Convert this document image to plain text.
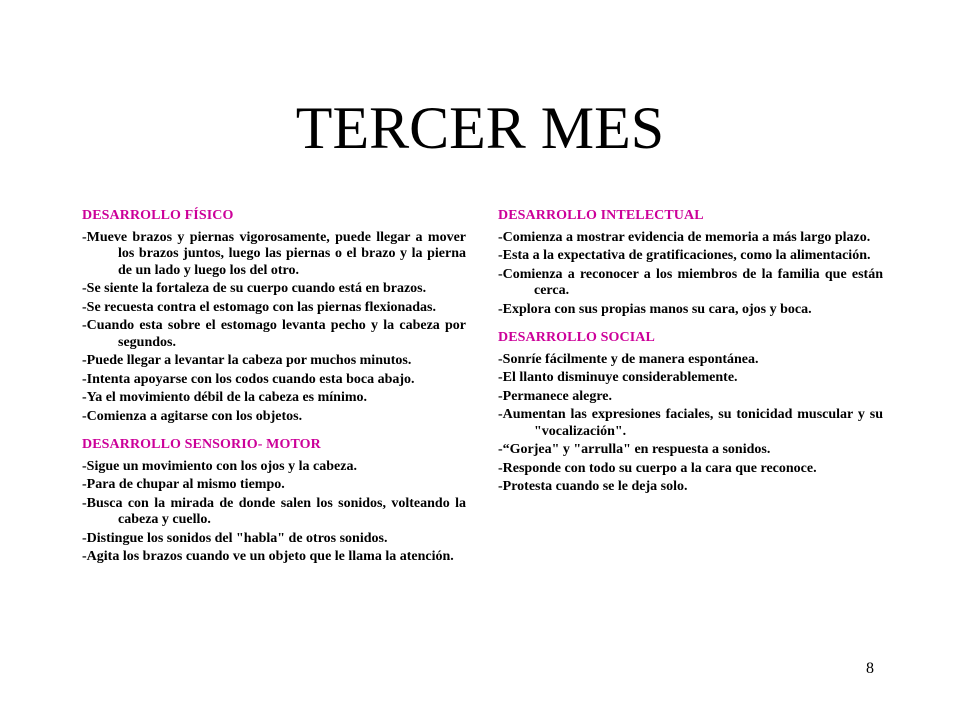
TERCER MES
DESARROLLO FÍSICO
-Mueve brazos y piernas vigorosamente, puede llegar a mover los brazos juntos, luego las piernas o el brazo y la pierna de un lado y luego los del otro.
-Se siente la fortaleza de su cuerpo cuando está en brazos.
-Se recuesta contra el estomago con las piernas flexionadas.
-Cuando esta sobre el estomago levanta pecho y la cabeza por segundos.
-Puede llegar a levantar la cabeza por muchos minutos.
-Intenta apoyarse con los codos cuando esta boca abajo.
-Ya el movimiento débil de la cabeza es mínimo.
-Comienza a agitarse con los objetos.
DESARROLLO SENSORIO- MOTOR
-Sigue un movimiento con los ojos y la cabeza.
-Para de chupar al mismo tiempo.
-Busca con la mirada de donde salen los sonidos, volteando la cabeza y cuello.
-Distingue los sonidos del "habla" de otros sonidos.
-Agita los brazos cuando ve un objeto que le llama la atención.
DESARROLLO INTELECTUAL
-Comienza a mostrar evidencia de memoria a más largo plazo.
-Esta a la expectativa de gratificaciones, como la alimentación.
-Comienza a reconocer a los miembros de la familia que están cerca.
-Explora con sus propias manos su cara, ojos y boca.
DESARROLLO SOCIAL
-Sonríe fácilmente y de manera espontánea.
-El llanto disminuye considerablemente.
-Permanece alegre.
-Aumentan las expresiones faciales, su tonicidad muscular y su "vocalización".
-“Gorjea" y "arrulla" en respuesta a sonidos.
-Responde con todo su cuerpo a la cara que reconoce.
-Protesta cuando se le deja solo.
8
